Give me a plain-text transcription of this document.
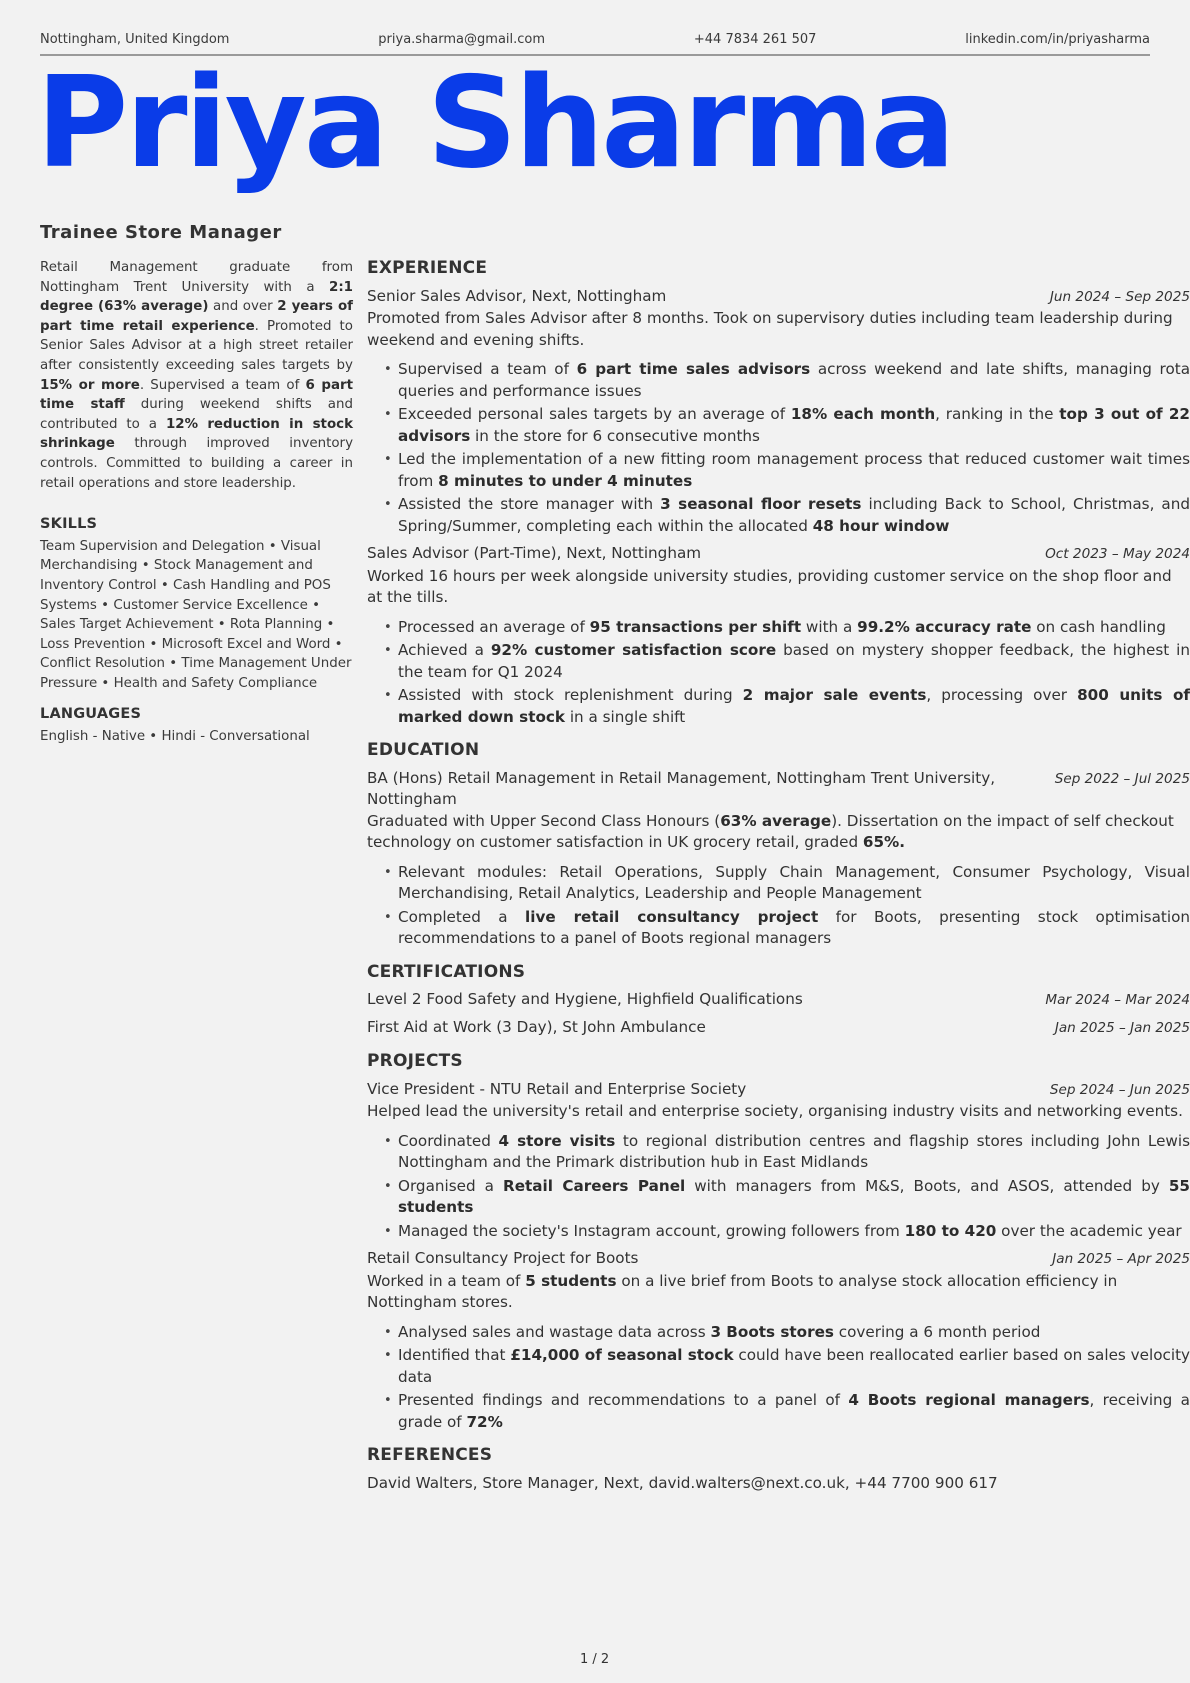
Nottingham, United Kingdom	priya.sharma@gmail.com	+44 7834 261 507	linkedin.com/in/priyasharma
Priya Sharma
Trainee Store Manager

Retail Management graduate from Nottingham Trent University with a 2:1 degree (63% average) and over 2 years of part time retail experience. Promoted to Senior Sales Advisor at a high street retailer after consistently exceeding sales targets by 15% or more. Supervised a team of 6 part time staff during weekend shifts and contributed to a 12% reduction in stock shrinkage through improved inventory controls. Committed to building a career in retail operations and store leadership.

SKILLS

Team Supervision and Delegation • Visual Merchandising • Stock Management and Inventory Control • Cash Handling and POS Systems • Customer Service Excellence • Sales Target Achievement • Rota Planning • Loss Prevention • Microsoft Excel and Word • Conflict Resolution • Time Management Under Pressure • Health and Safety Compliance

LANGUAGES

English - Native • Hindi - Conversational

EXPERIENCE
Senior Sales Advisor, Next, Nottingham	Jun 2024 – Sep 2025

Promoted from Sales Advisor after 8 months. Took on supervisory duties including team leadership during weekend and evening shifts.

• Supervised a team of 6 part time sales advisors across weekend and late shifts, managing rota queries and performance issues
• Exceeded personal sales targets by an average of 18% each month, ranking in the top 3 out of 22 advisors in the store for 6 consecutive months
• Led the implementation of a new fitting room management process that reduced customer wait times from 8 minutes to under 4 minutes
• Assisted the store manager with 3 seasonal floor resets including Back to School, Christmas, and Spring/Summer, completing each within the allocated 48 hour window
Sales Advisor (Part-Time), Next, Nottingham	Oct 2023 – May 2024

Worked 16 hours per week alongside university studies, providing customer service on the shop floor and at the tills.

• Processed an average of 95 transactions per shift with a 99.2% accuracy rate on cash handling
• Achieved a 92% customer satisfaction score based on mystery shopper feedback, the highest in the team for Q1 2024
• Assisted with stock replenishment during 2 major sale events, processing over 800 units of marked down stock in a single shift
EDUCATION
BA (Hons) Retail Management in Retail Management, Nottingham Trent University, Nottingham
Sep 2022 – Jul 2025

Graduated with Upper Second Class Honours (63% average). Dissertation on the impact of self checkout technology on customer satisfaction in UK grocery retail, graded 65%.

• Relevant modules: Retail Operations, Supply Chain Management, Consumer Psychology, Visual Merchandising, Retail Analytics, Leadership and People Management
• Completed a live retail consultancy project for Boots, presenting stock optimisation recommendations to a panel of Boots regional managers
CERTIFICATIONS
Level 2 Food Safety and Hygiene, Highfield Qualifications	Mar 2024 – Mar 2024
First Aid at Work (3 Day), St John Ambulance	Jan 2025 – Jan 2025
PROJECTS
Vice President - NTU Retail and Enterprise Society	Sep 2024 – Jun 2025

Helped lead the university's retail and enterprise society, organising industry visits and networking events.

• Coordinated 4 store visits to regional distribution centres and flagship stores including John Lewis Nottingham and the Primark distribution hub in East Midlands
• Organised a Retail Careers Panel with managers from M&S, Boots, and ASOS, attended by 55 students
• Managed the society's Instagram account, growing followers from 180 to 420 over the academic year
Retail Consultancy Project for Boots	Jan 2025 – Apr 2025

Worked in a team of 5 students on a live brief from Boots to analyse stock allocation efficiency in Nottingham stores.

• Analysed sales and wastage data across 3 Boots stores covering a 6 month period
• Identified that £14,000 of seasonal stock could have been reallocated earlier based on sales velocity data
• Presented findings and recommendations to a panel of 4 Boots regional managers, receiving a grade of 72%
REFERENCES
David Walters, Store Manager, Next, david.walters@next.co.uk, +44 7700 900 617
1 / 2
